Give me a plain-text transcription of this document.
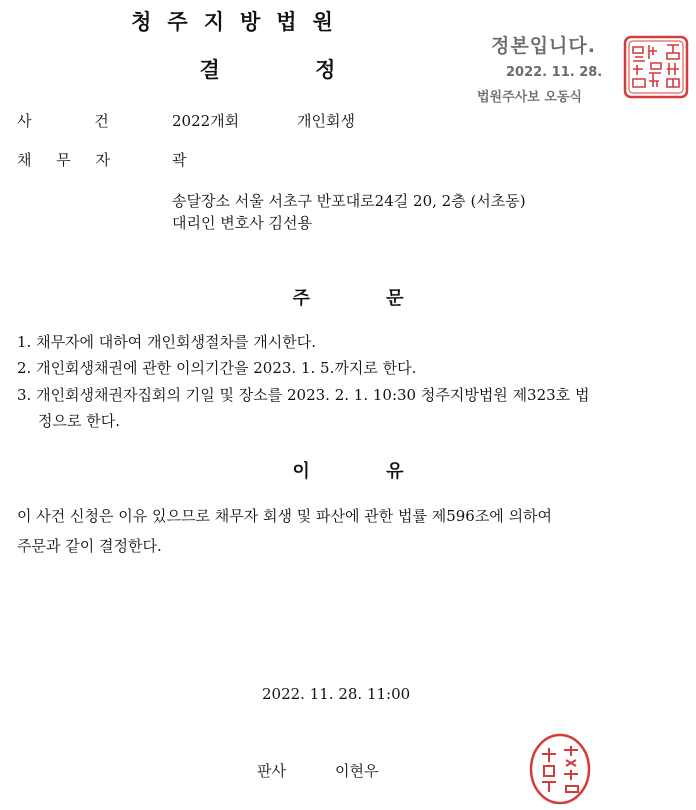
청주지방법원
결 정
정본입니다.
2022. 11. 28.
법원주사보 오동식
사 건	2022개회	개인회생
채 무 자	곽
송달장소 서울 서초구 반포대로24길 20, 2층 (서초동)
대리인 변호사 김선용
주 문
1. 채무자에 대하여 개인회생절차를 개시한다.
2. 개인회생채권에 관한 이의기간을 2023. 1. 5.까지로 한다.
3. 개인회생채권자집회의 기일 및 장소를 2023. 2. 1. 10:30 청주지방법원 제323호 법
정으로 한다.
이 유
이 사건 신청은 이유 있으므로 채무자 회생 및 파산에 관한 법률 제596조에 의하여
주문과 같이 결정한다.
2022. 11. 28. 11:00
판사	이현우
